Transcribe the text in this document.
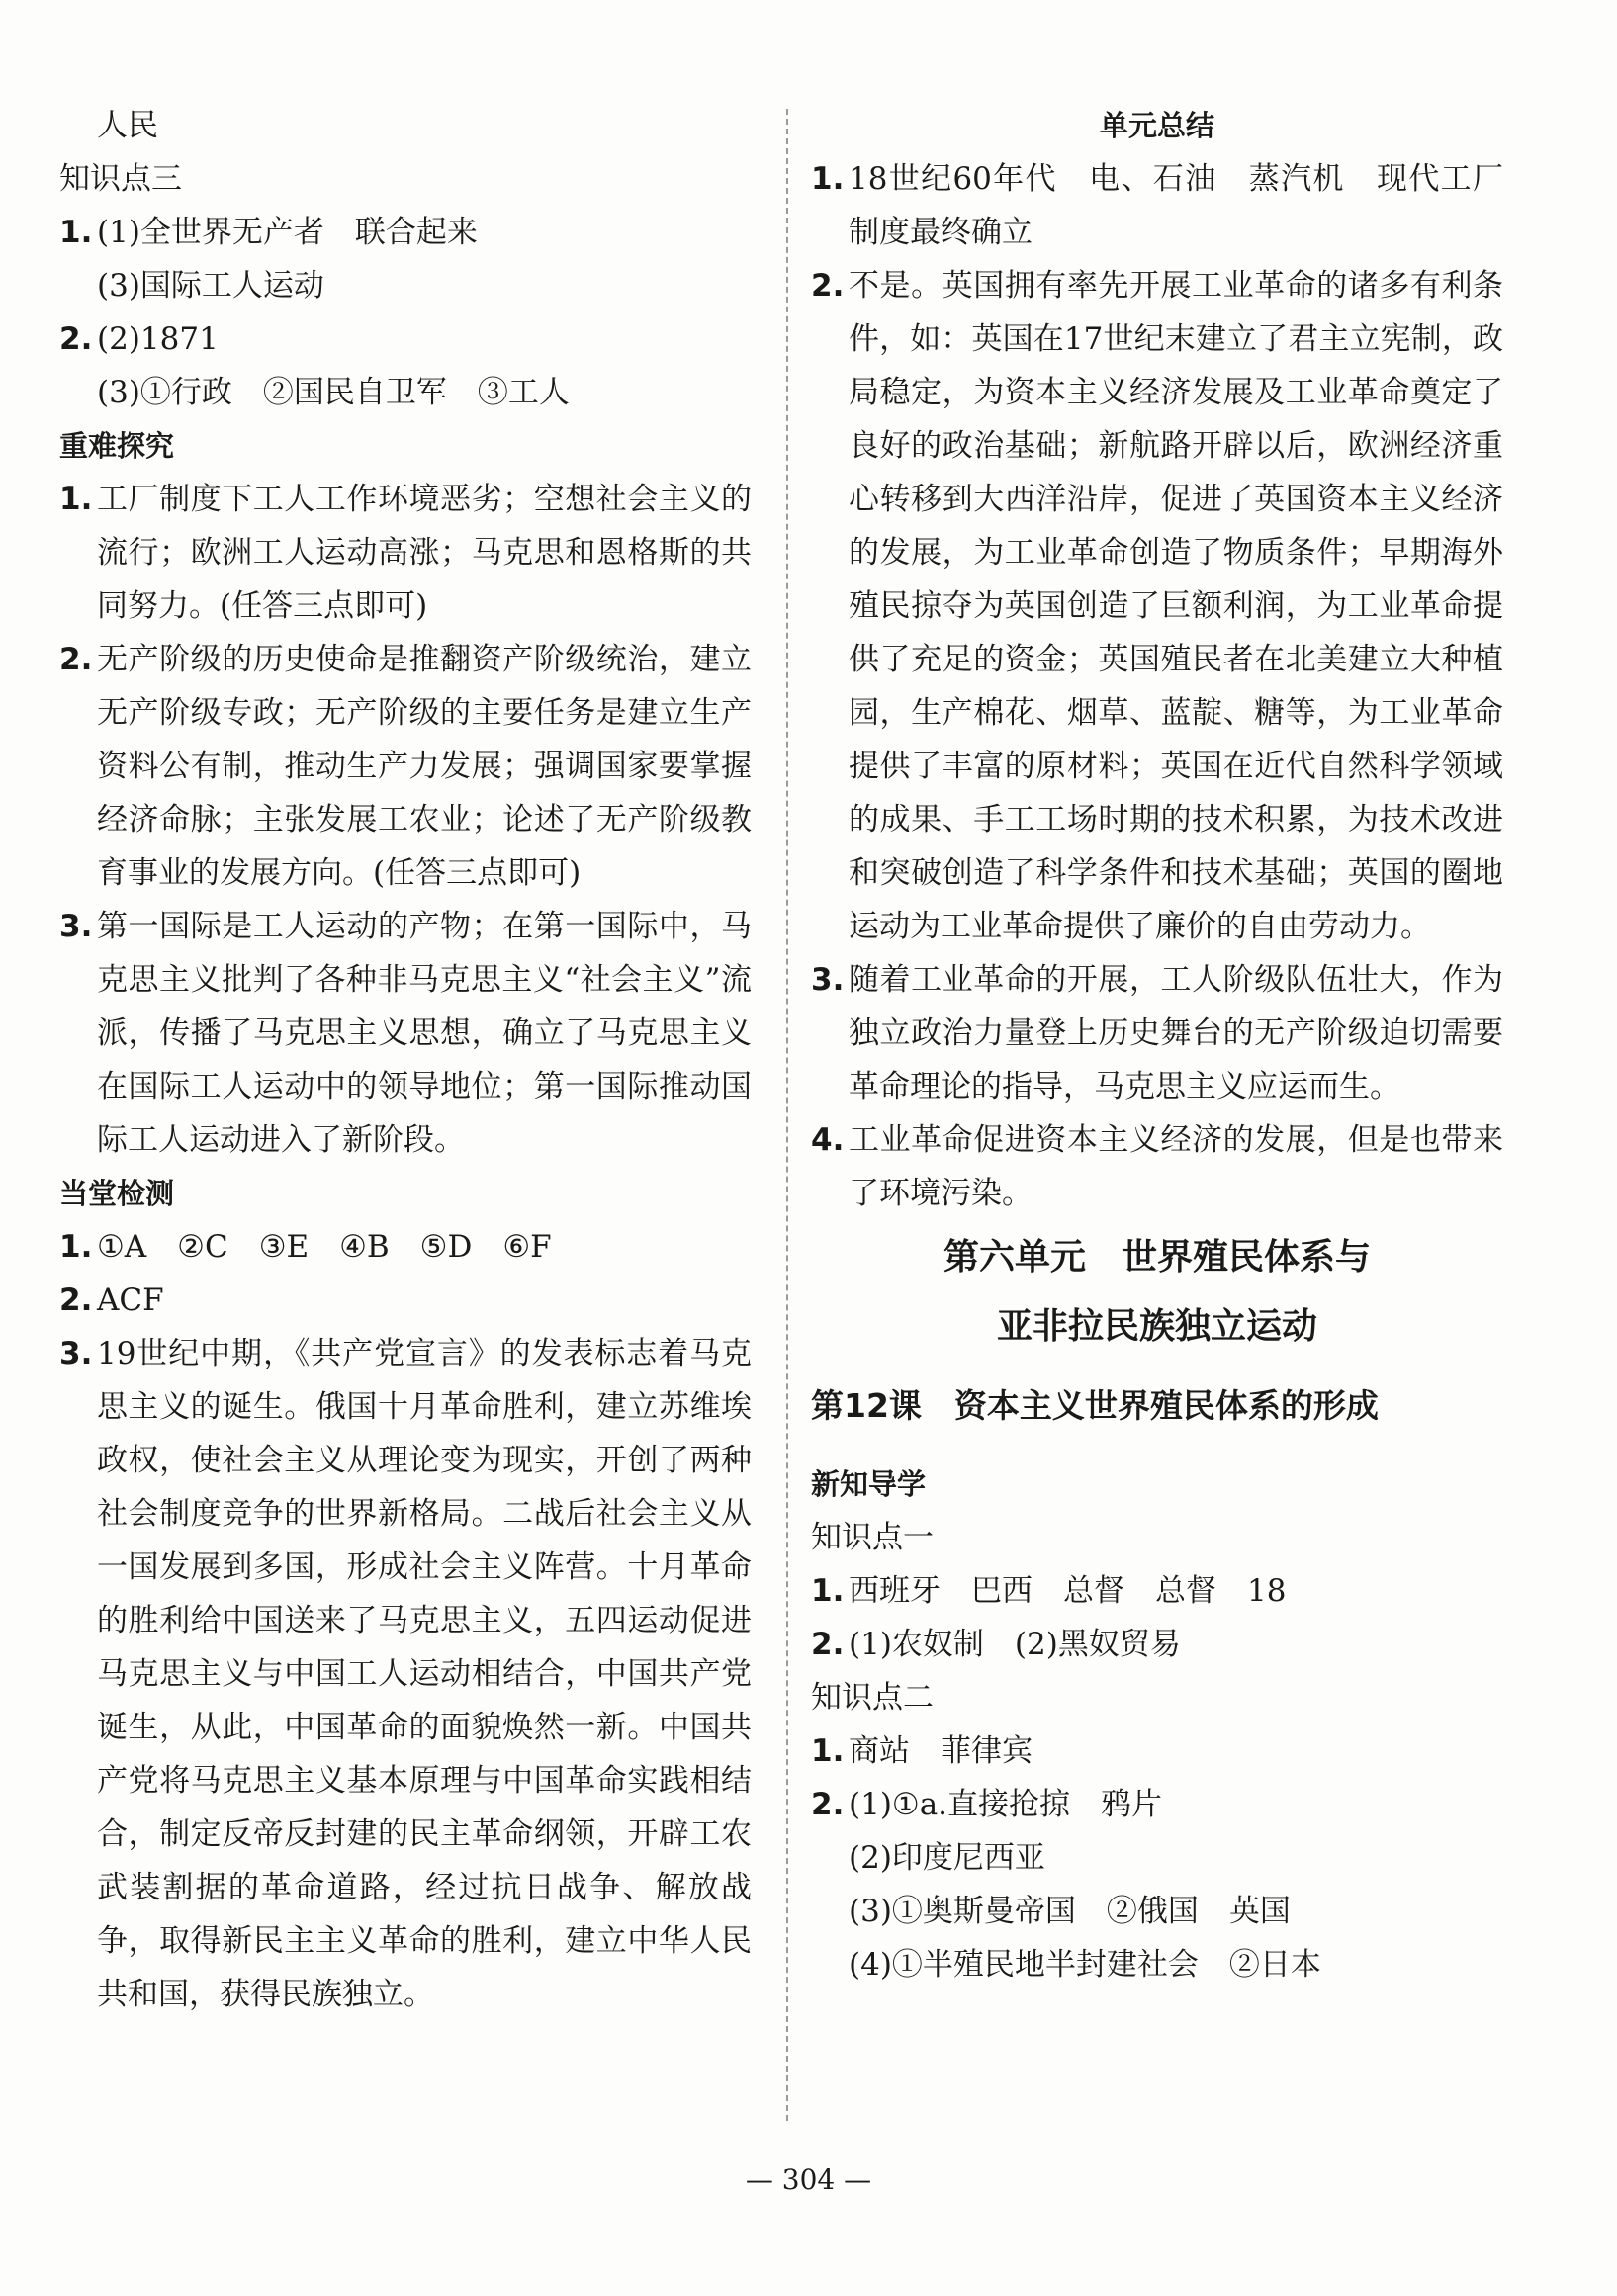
人民
知识点三
1. (1)全世界无产者　联合起来
(3)国际工人运动
2. (2)1871
(3)①行政　②国民自卫军　③工人
重难探究
1. 工厂制度下工人工作环境恶劣；空想社会主义的流行；欧洲工人运动高涨；马克思和恩格斯的共同努力。(任答三点即可)
2. 无产阶级的历史使命是推翻资产阶级统治，建立无产阶级专政；无产阶级的主要任务是建立生产资料公有制，推动生产力发展；强调国家要掌握经济命脉；主张发展工农业；论述了无产阶级教育事业的发展方向。(任答三点即可)
3. 第一国际是工人运动的产物；在第一国际中，马克思主义批判了各种非马克思主义“社会主义”流派，传播了马克思主义思想，确立了马克思主义在国际工人运动中的领导地位；第一国际推动国际工人运动进入了新阶段。
当堂检测
1. ①A　②C　③E　④B　⑤D　⑥F
2. ACF
3. 19世纪中期，《共产党宣言》的发表标志着马克思主义的诞生。俄国十月革命胜利，建立苏维埃政权，使社会主义从理论变为现实，开创了两种社会制度竞争的世界新格局。二战后社会主义从一国发展到多国，形成社会主义阵营。十月革命的胜利给中国送来了马克思主义，五四运动促进马克思主义与中国工人运动相结合，中国共产党诞生，从此，中国革命的面貌焕然一新。中国共产党将马克思主义基本原理与中国革命实践相结合，制定反帝反封建的民主革命纲领，开辟工农武装割据的革命道路，经过抗日战争、解放战争，取得新民主主义革命的胜利，建立中华人民共和国，获得民族独立。
单元总结
1. 18世纪60年代　电、石油　蒸汽机　现代工厂制度最终确立
2. 不是。英国拥有率先开展工业革命的诸多有利条件，如：英国在17世纪末建立了君主立宪制，政局稳定，为资本主义经济发展及工业革命奠定了良好的政治基础；新航路开辟以后，欧洲经济重心转移到大西洋沿岸，促进了英国资本主义经济的发展，为工业革命创造了物质条件；早期海外殖民掠夺为英国创造了巨额利润，为工业革命提供了充足的资金；英国殖民者在北美建立大种植园，生产棉花、烟草、蓝靛、糖等，为工业革命提供了丰富的原材料；英国在近代自然科学领域的成果、手工工场时期的技术积累，为技术改进和突破创造了科学条件和技术基础；英国的圈地运动为工业革命提供了廉价的自由劳动力。
3. 随着工业革命的开展，工人阶级队伍壮大，作为独立政治力量登上历史舞台的无产阶级迫切需要革命理论的指导，马克思主义应运而生。
4. 工业革命促进资本主义经济的发展，但是也带来了环境污染。
第六单元　世界殖民体系与
亚非拉民族独立运动
第12课　资本主义世界殖民体系的形成
新知导学
知识点一
1. 西班牙　巴西　总督　总督　18
2. (1)农奴制　(2)黑奴贸易
知识点二
1. 商站　菲律宾
2. (1)①a.直接抢掠　鸦片
(2)印度尼西亚
(3)①奥斯曼帝国　②俄国　英国
(4)①半殖民地半封建社会　②日本
— 304 —
